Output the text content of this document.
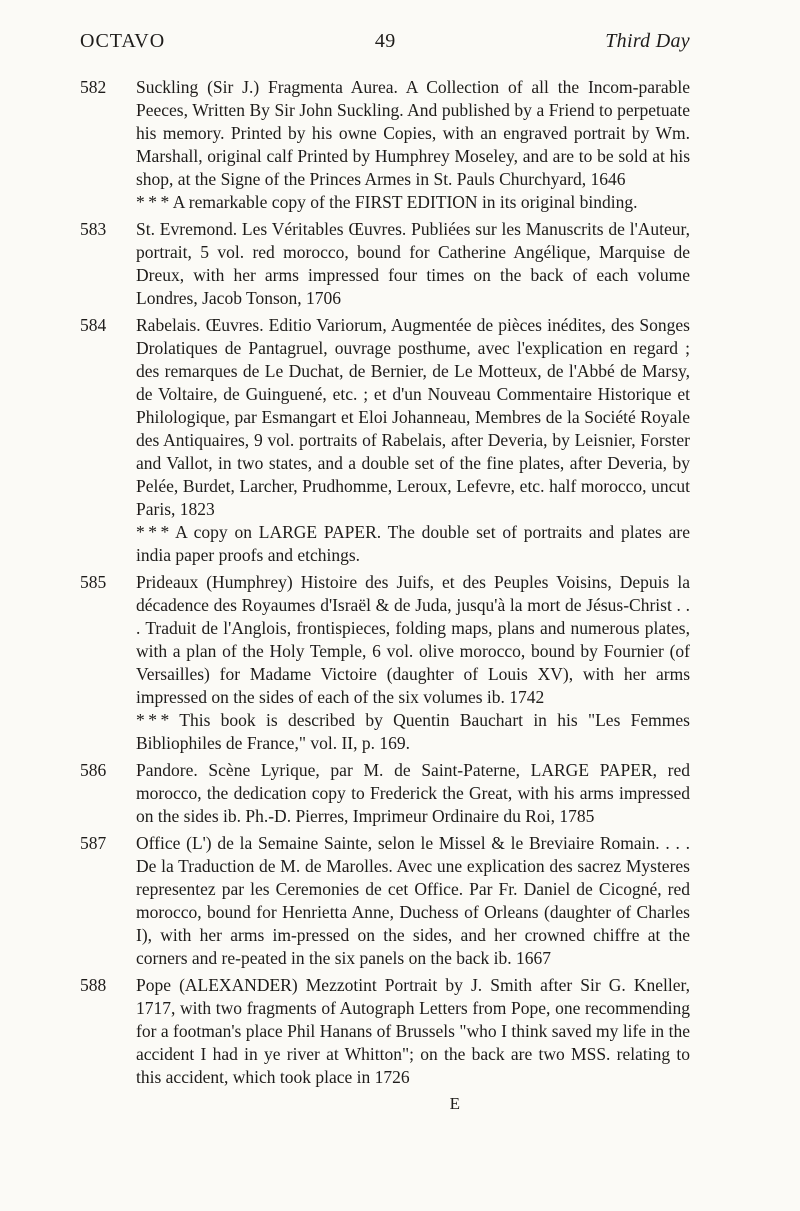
OCTAVO	49	Third Day
582	Suckling (Sir J.) Fragmenta Aurea. A Collection of all the Incom-parable Peeces, Written By Sir John Suckling. And published by a Friend to perpetuate his memory. Printed by his owne Copies, with an engraved portrait by Wm. Marshall, original calf Printed by Humphrey Moseley, and are to be sold at his shop, at the Signe of the Princes Armes in St. Pauls Churchyard, 1646
* * * A remarkable copy of the FIRST EDITION in its original binding.
583	St. Evremond. Les Véritables Œuvres. Publiées sur les Manuscrits de l'Auteur, portrait, 5 vol. red morocco, bound for Catherine Angélique, Marquise de Dreux, with her arms impressed four times on the back of each volume Londres, Jacob Tonson, 1706
584	Rabelais. Œuvres. Editio Variorum, Augmentée de pièces inédites, des Songes Drolatiques de Pantagruel, ouvrage posthume, avec l'explication en regard ; des remarques de Le Duchat, de Bernier, de Le Motteux, de l'Abbé de Marsy, de Voltaire, de Guinguené, etc. ; et d'un Nouveau Commentaire Historique et Philologique, par Esmangart et Eloi Johanneau, Membres de la Société Royale des Antiquaires, 9 vol. portraits of Rabelais, after Deveria, by Leisnier, Forster and Vallot, in two states, and a double set of the fine plates, after Deveria, by Pelée, Burdet, Larcher, Prudhomme, Leroux, Lefevre, etc. half morocco, uncut Paris, 1823
* * * A copy on LARGE PAPER. The double set of portraits and plates are india paper proofs and etchings.
585	Prideaux (Humphrey) Histoire des Juifs, et des Peuples Voisins, Depuis la décadence des Royaumes d'Israël & de Juda, jusqu'à la mort de Jésus-Christ . . . Traduit de l'Anglois, frontispieces, folding maps, plans and numerous plates, with a plan of the Holy Temple, 6 vol. olive morocco, bound by Fournier (of Versailles) for Madame Victoire (daughter of Louis XV), with her arms impressed on the sides of each of the six volumes ib. 1742
* * * This book is described by Quentin Bauchart in his "Les Femmes Bibliophiles de France," vol. II, p. 169.
586	Pandore. Scène Lyrique, par M. de Saint-Paterne, LARGE PAPER, red morocco, the dedication copy to Frederick the Great, with his arms impressed on the sides ib. Ph.-D. Pierres, Imprimeur Ordinaire du Roi, 1785
587	Office (L') de la Semaine Sainte, selon le Missel & le Breviaire Romain. . . . De la Traduction de M. de Marolles. Avec une explication des sacrez Mysteres representez par les Ceremonies de cet Office. Par Fr. Daniel de Cicogné, red morocco, bound for Henrietta Anne, Duchess of Orleans (daughter of Charles I), with her arms im-pressed on the sides, and her crowned chiffre at the corners and re-peated in the six panels on the back ib. 1667
588	Pope (ALEXANDER) Mezzotint Portrait by J. Smith after Sir G. Kneller, 1717, with two fragments of Autograph Letters from Pope, one recommending for a footman's place Phil Hanans of Brussels "who I think saved my life in the accident I had in ye river at Whitton"; on the back are two MSS. relating to this accident, which took place in 1726
E
